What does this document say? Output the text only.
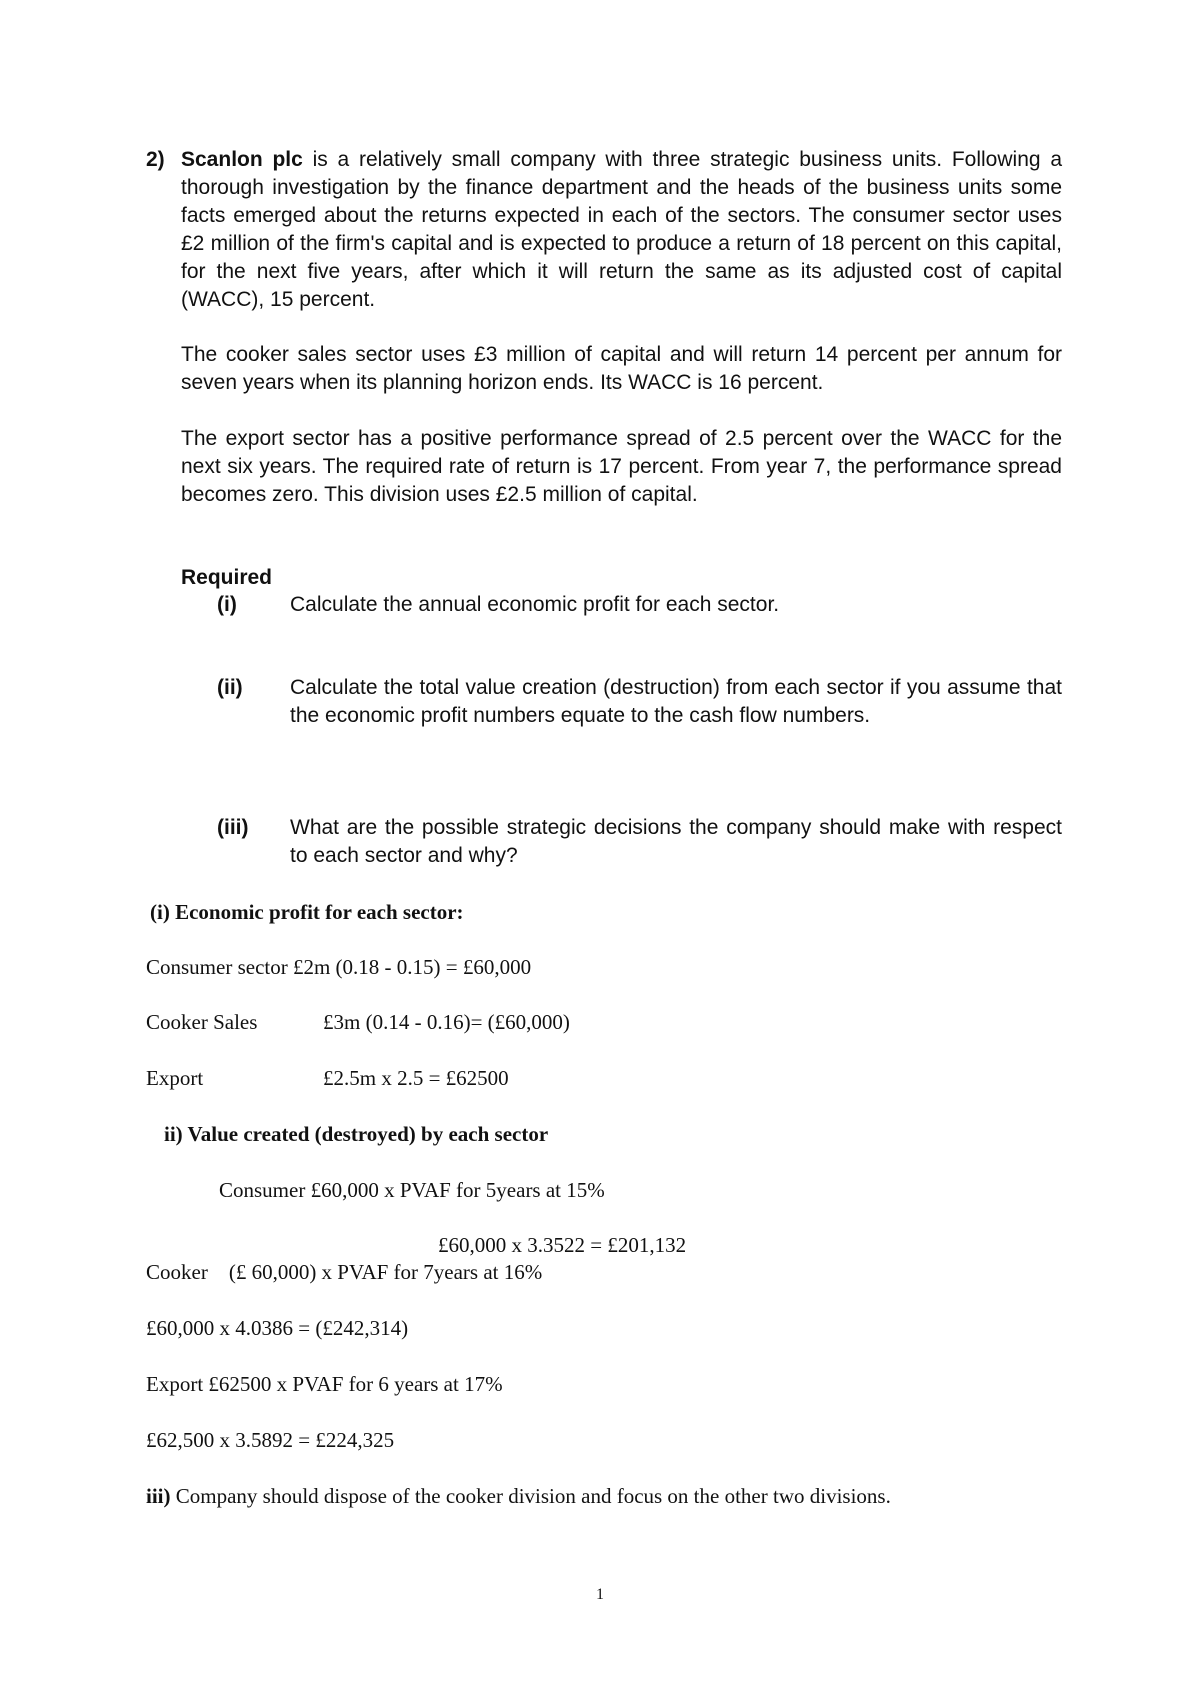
2) Scanlon plc is a relatively small company with three strategic business units. Following a thorough investigation by the finance department and the heads of the business units some facts emerged about the returns expected in each of the sectors. The consumer sector uses £2 million of the firm's capital and is expected to produce a return of 18 percent on this capital, for the next five years, after which it will return the same as its adjusted cost of capital (WACC), 15 percent.
The cooker sales sector uses £3 million of capital and will return 14 percent per annum for seven years when its planning horizon ends. Its WACC is 16 percent.
The export sector has a positive performance spread of 2.5 percent over the WACC for the next six years. The required rate of return is 17 percent. From year 7, the performance spread becomes zero. This division uses £2.5 million of capital.
Required
(i)	Calculate the annual economic profit for each sector.
(ii) Calculate the total value creation (destruction) from each sector if you assume that the economic profit numbers equate to the cash flow numbers.
(iii) What are the possible strategic decisions the company should make with respect to each sector and why?
(i) Economic profit for each sector:
Consumer sector £2m (0.18 - 0.15) = £60,000
Cooker Sales	£3m (0.14 - 0.16)= (£60,000)
Export	£2.5m x 2.5 = £62500
ii) Value created (destroyed) by each sector
Consumer £60,000 x PVAF for 5years at 15%
£60,000 x 3.3522 = £201,132
Cooker    (£ 60,000) x PVAF for 7years at 16%
£60,000 x 4.0386 = (£242,314)
Export £62500 x PVAF for 6 years at 17%
£62,500 x 3.5892 = £224,325
iii) Company should dispose of the cooker division and focus on the other two divisions.
1
